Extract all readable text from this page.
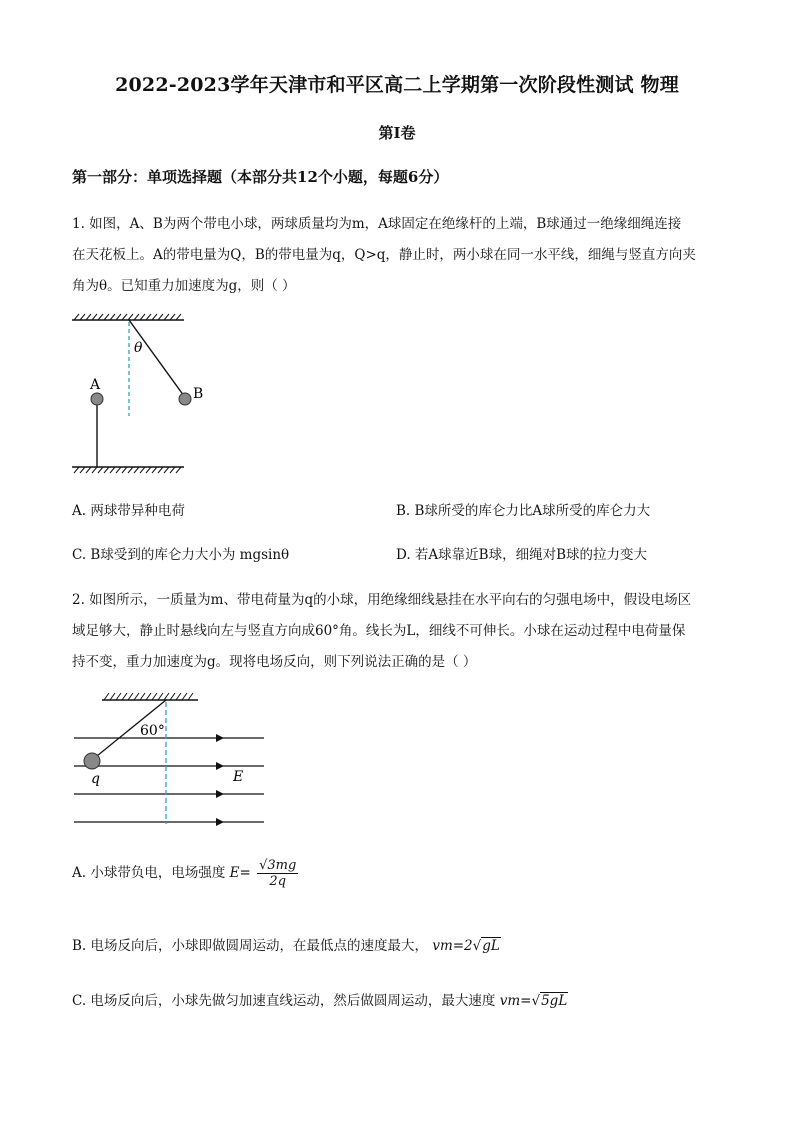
2022-2023学年天津市和平区高二上学期第一次阶段性测试 物理
第I卷
第一部分：单项选择题（本部分共12个小题，每题6分）
1. 如图，A、B为两个带电小球，两球质量均为m，A球固定在绝缘杆的上端，B球通过一绝缘细绳连接
在天花板上。A的带电量为Q，B的带电量为q，Q>q，静止时，两小球在同一水平线，细绳与竖直方向夹
角为θ。已知重力加速度为g，则（ ）
θ
B
A
A. 两球带异种电荷	B. B球所受的库仑力比A球所受的库仑力大
C. B球受到的库仑力大小为 mgsinθ	D. 若A球靠近B球，细绳对B球的拉力变大
2. 如图所示，一质量为m、带电荷量为q的小球，用绝缘细线悬挂在水平向右的匀强电场中，假设电场区
域足够大，静止时悬线向左与竖直方向成60°角。线长为L，细线不可伸长。小球在运动过程中电荷量保
持不变，重力加速度为g。现将电场反向，则下列说法正确的是（ ）
60°
q	E
A. 小球带负电，电场强度 $E= \frac{√3mg}{2q}$
B. 电场反向后，小球即做圆周运动，在最低点的速度最大， vm=2√gL
C. 电场反向后，小球先做匀加速直线运动，然后做圆周运动，最大速度 vm=√5gL
